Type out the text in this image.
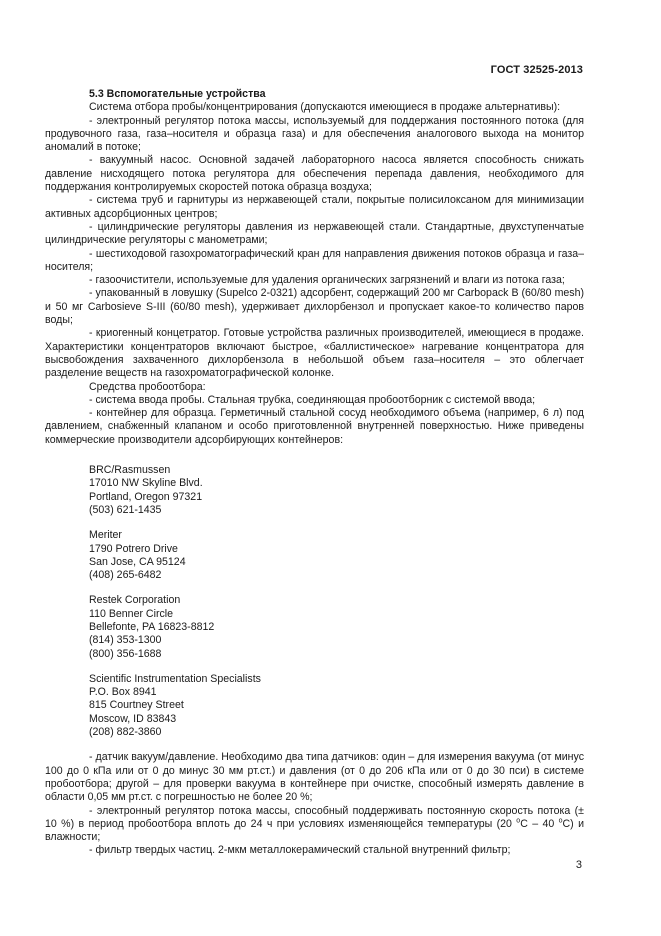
ГОСТ 32525-2013

5.3 Вспомогательные устройства

Система отбора пробы/концентрирования (допускаются имеющиеся в продаже альтернативы):

- электронный регулятор потока массы, используемый для поддержания постоянного потока (для продувочного газа, газа–носителя и образца газа) и для обеспечения аналогового выхода на монитор аномалий в потоке;

- вакуумный насос. Основной задачей лабораторного насоса является способность снижать давление нисходящего потока регулятора для обеспечения перепада давления, необходимого для поддержания контролируемых скоростей потока образца воздуха;

- система труб и гарнитуры из нержавеющей стали, покрытые полисилоксаном для минимизации активных адсорбционных центров;

- цилиндрические регуляторы давления из нержавеющей стали. Стандартные, двухступенчатые цилиндрические регуляторы с манометрами;

- шестиходовой газохроматографический кран для направления движения потоков образца и газа–носителя;

- газоочистители, используемые для удаления органических загрязнений и влаги из потока газа;

- упакованный в ловушку (Supelco 2-0321) адсорбент, содержащий 200 мг Carbopack B (60/80 mesh) и 50 мг Carbosieve S-III (60/80 mesh), удерживает дихлорбензол и пропускает какое-то количество паров воды;

- криогенный концетратор. Готовые устройства различных производителей, имеющиеся в продаже. Характеристики концентраторов включают быстрое, «баллистическое» нагревание концентратора для высвобождения захваченного дихлорбензола в небольшой объем газа–носителя – это облегчает разделение веществ на газохроматографической колонке.

Средства пробоотбора:

- система ввода пробы. Стальная трубка, соединяющая пробоотборник с системой ввода;

- контейнер для образца. Герметичный стальной сосуд необходимого объема (например, 6 л) под давлением, снабженный клапаном и особо приготовленной внутренней поверхностью. Ниже приведены коммерческие производители адсорбирующих контейнеров:

BRC/Rasmussen
17010 NW Skyline Blvd.
Portland, Oregon 97321
(503) 621-1435
Meriter
1790 Potrero Drive
San Jose, CA 95124
(408) 265-6482
Restek Corporation
110 Benner Circle
Bellefonte, PA 16823-8812
(814) 353-1300
(800) 356-1688
Scientific Instrumentation Specialists
P.O. Box 8941
815 Courtney Street
Moscow, ID 83843
(208) 882-3860

- датчик вакуум/давление. Необходимо два типа датчиков: один – для измерения вакуума (от минус 100 до 0 кПа или от 0 до минус 30 мм рт.ст.) и давления (от 0 до 206 кПа или от 0 до 30 пси) в системе пробоотбора; другой – для проверки вакуума в контейнере при очистке, способный измерять давление в области 0,05 мм рт.ст. с погрешностью не более 20 %;

- электронный регулятор потока массы, способный поддерживать постоянную скорость потока (± 10 %) в период пробоотбора вплоть до 24 ч при условиях изменяющейся температуры (20 $^о$С – 40 $^о$С) и влажности;

- фильтр твердых частиц. 2-мкм металлокерамический стальной внутренний фильтр;

3
